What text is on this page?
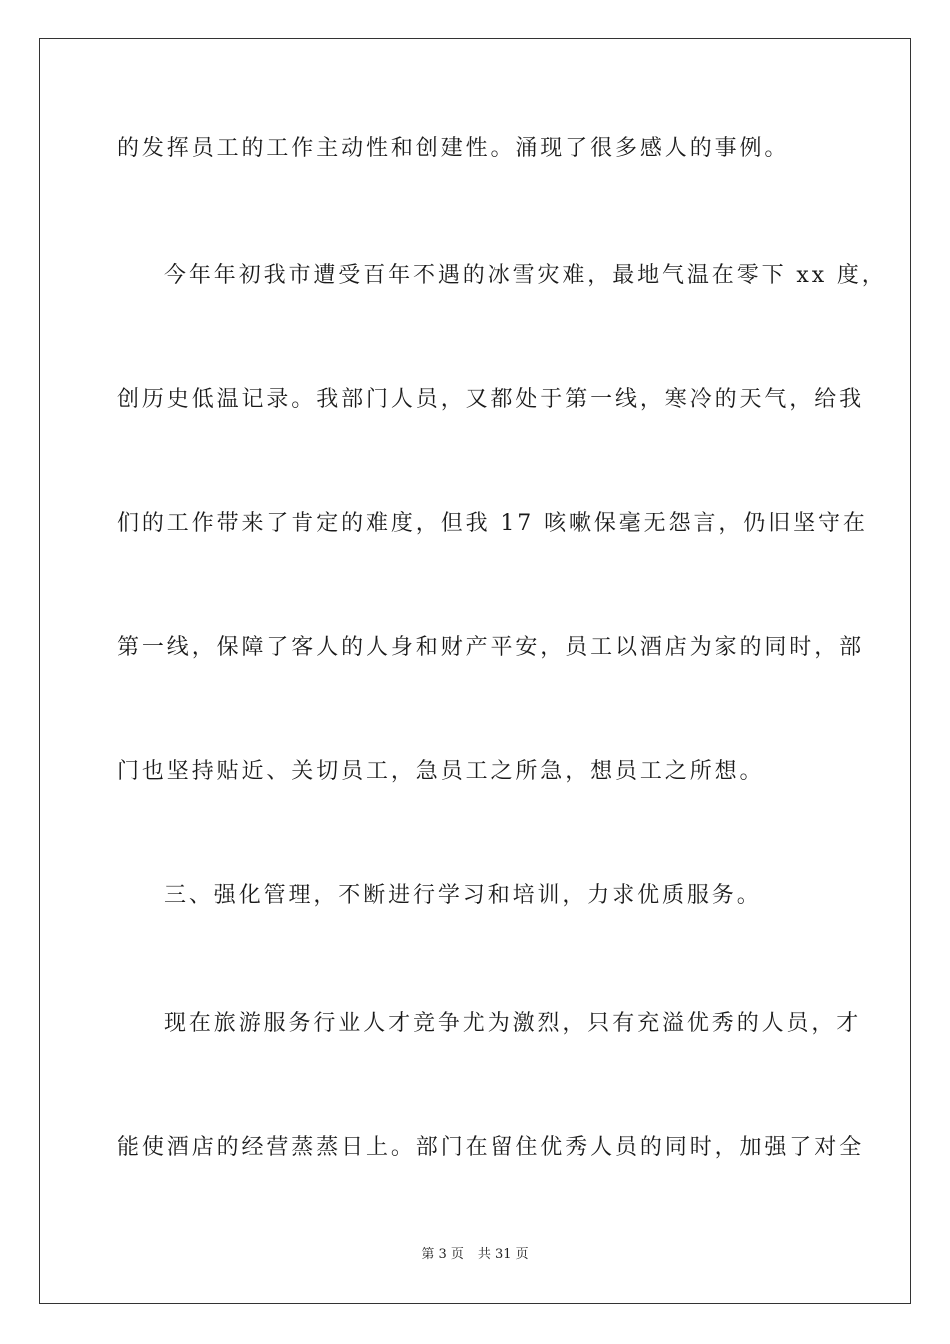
的发挥员工的工作主动性和创建性。涌现了很多感人的事例。
今年年初我市遭受百年不遇的冰雪灾难，最地气温在零下 xx 度，
创历史低温记录。我部门人员，又都处于第一线，寒冷的天气，给我
们的工作带来了肯定的难度，但我 17 咳嗽保毫无怨言，仍旧坚守在
第一线，保障了客人的人身和财产平安，员工以酒店为家的同时，部
门也坚持贴近、关切员工，急员工之所急，想员工之所想。
三、强化管理，不断进行学习和培训，力求优质服务。
现在旅游服务行业人才竞争尤为激烈，只有充溢优秀的人员，才
能使酒店的经营蒸蒸日上。部门在留住优秀人员的同时，加强了对全
第 3 页 共 31 页
